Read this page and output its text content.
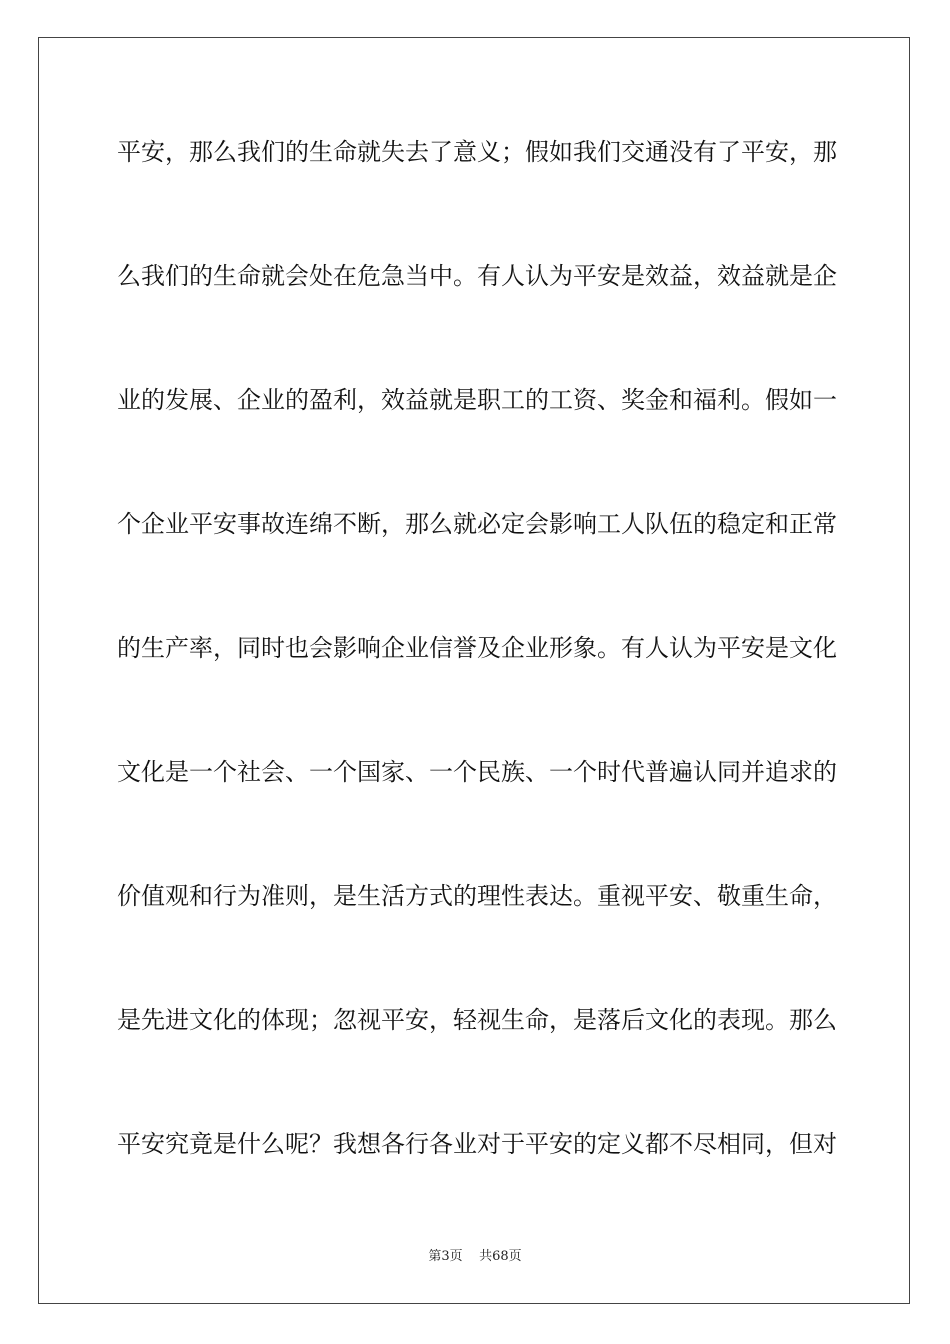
平安，那么我们的生命就失去了意义；假如我们交通没有了平安，那
么我们的生命就会处在危急当中。有人认为平安是效益，效益就是企
业的发展、企业的盈利，效益就是职工的工资、奖金和福利。假如一
个企业平安事故连绵不断，那么就必定会影响工人队伍的稳定和正常
的生产率，同时也会影响企业信誉及企业形象。有人认为平安是文化
文化是一个社会、一个国家、一个民族、一个时代普遍认同并追求的
价值观和行为准则，是生活方式的理性表达。重视平安、敬重生命，
是先进文化的体现；忽视平安，轻视生命，是落后文化的表现。那么
平安究竟是什么呢？我想各行各业对于平安的定义都不尽相同，但对
第3页 共68页
